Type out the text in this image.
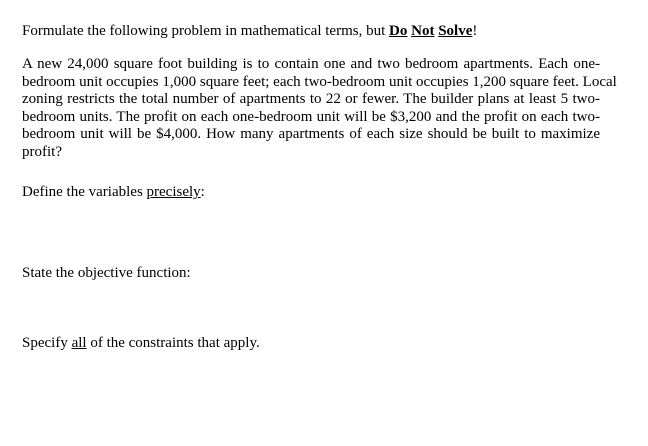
Formulate the following problem in mathematical terms, but Do Not Solve!
A new 24,000 square foot building is to contain one and two bedroom apartments. Each one-
bedroom unit occupies 1,000 square feet; each two-bedroom unit occupies 1,200 square feet. Local
zoning restricts the total number of apartments to 22 or fewer. The builder plans at least 5 two-
bedroom units. The profit on each one-bedroom unit will be $3,200 and the profit on each two-
bedroom unit will be $4,000. How many apartments of each size should be built to maximize
profit?
Define the variables precisely:
State the objective function:
Specify all of the constraints that apply.
